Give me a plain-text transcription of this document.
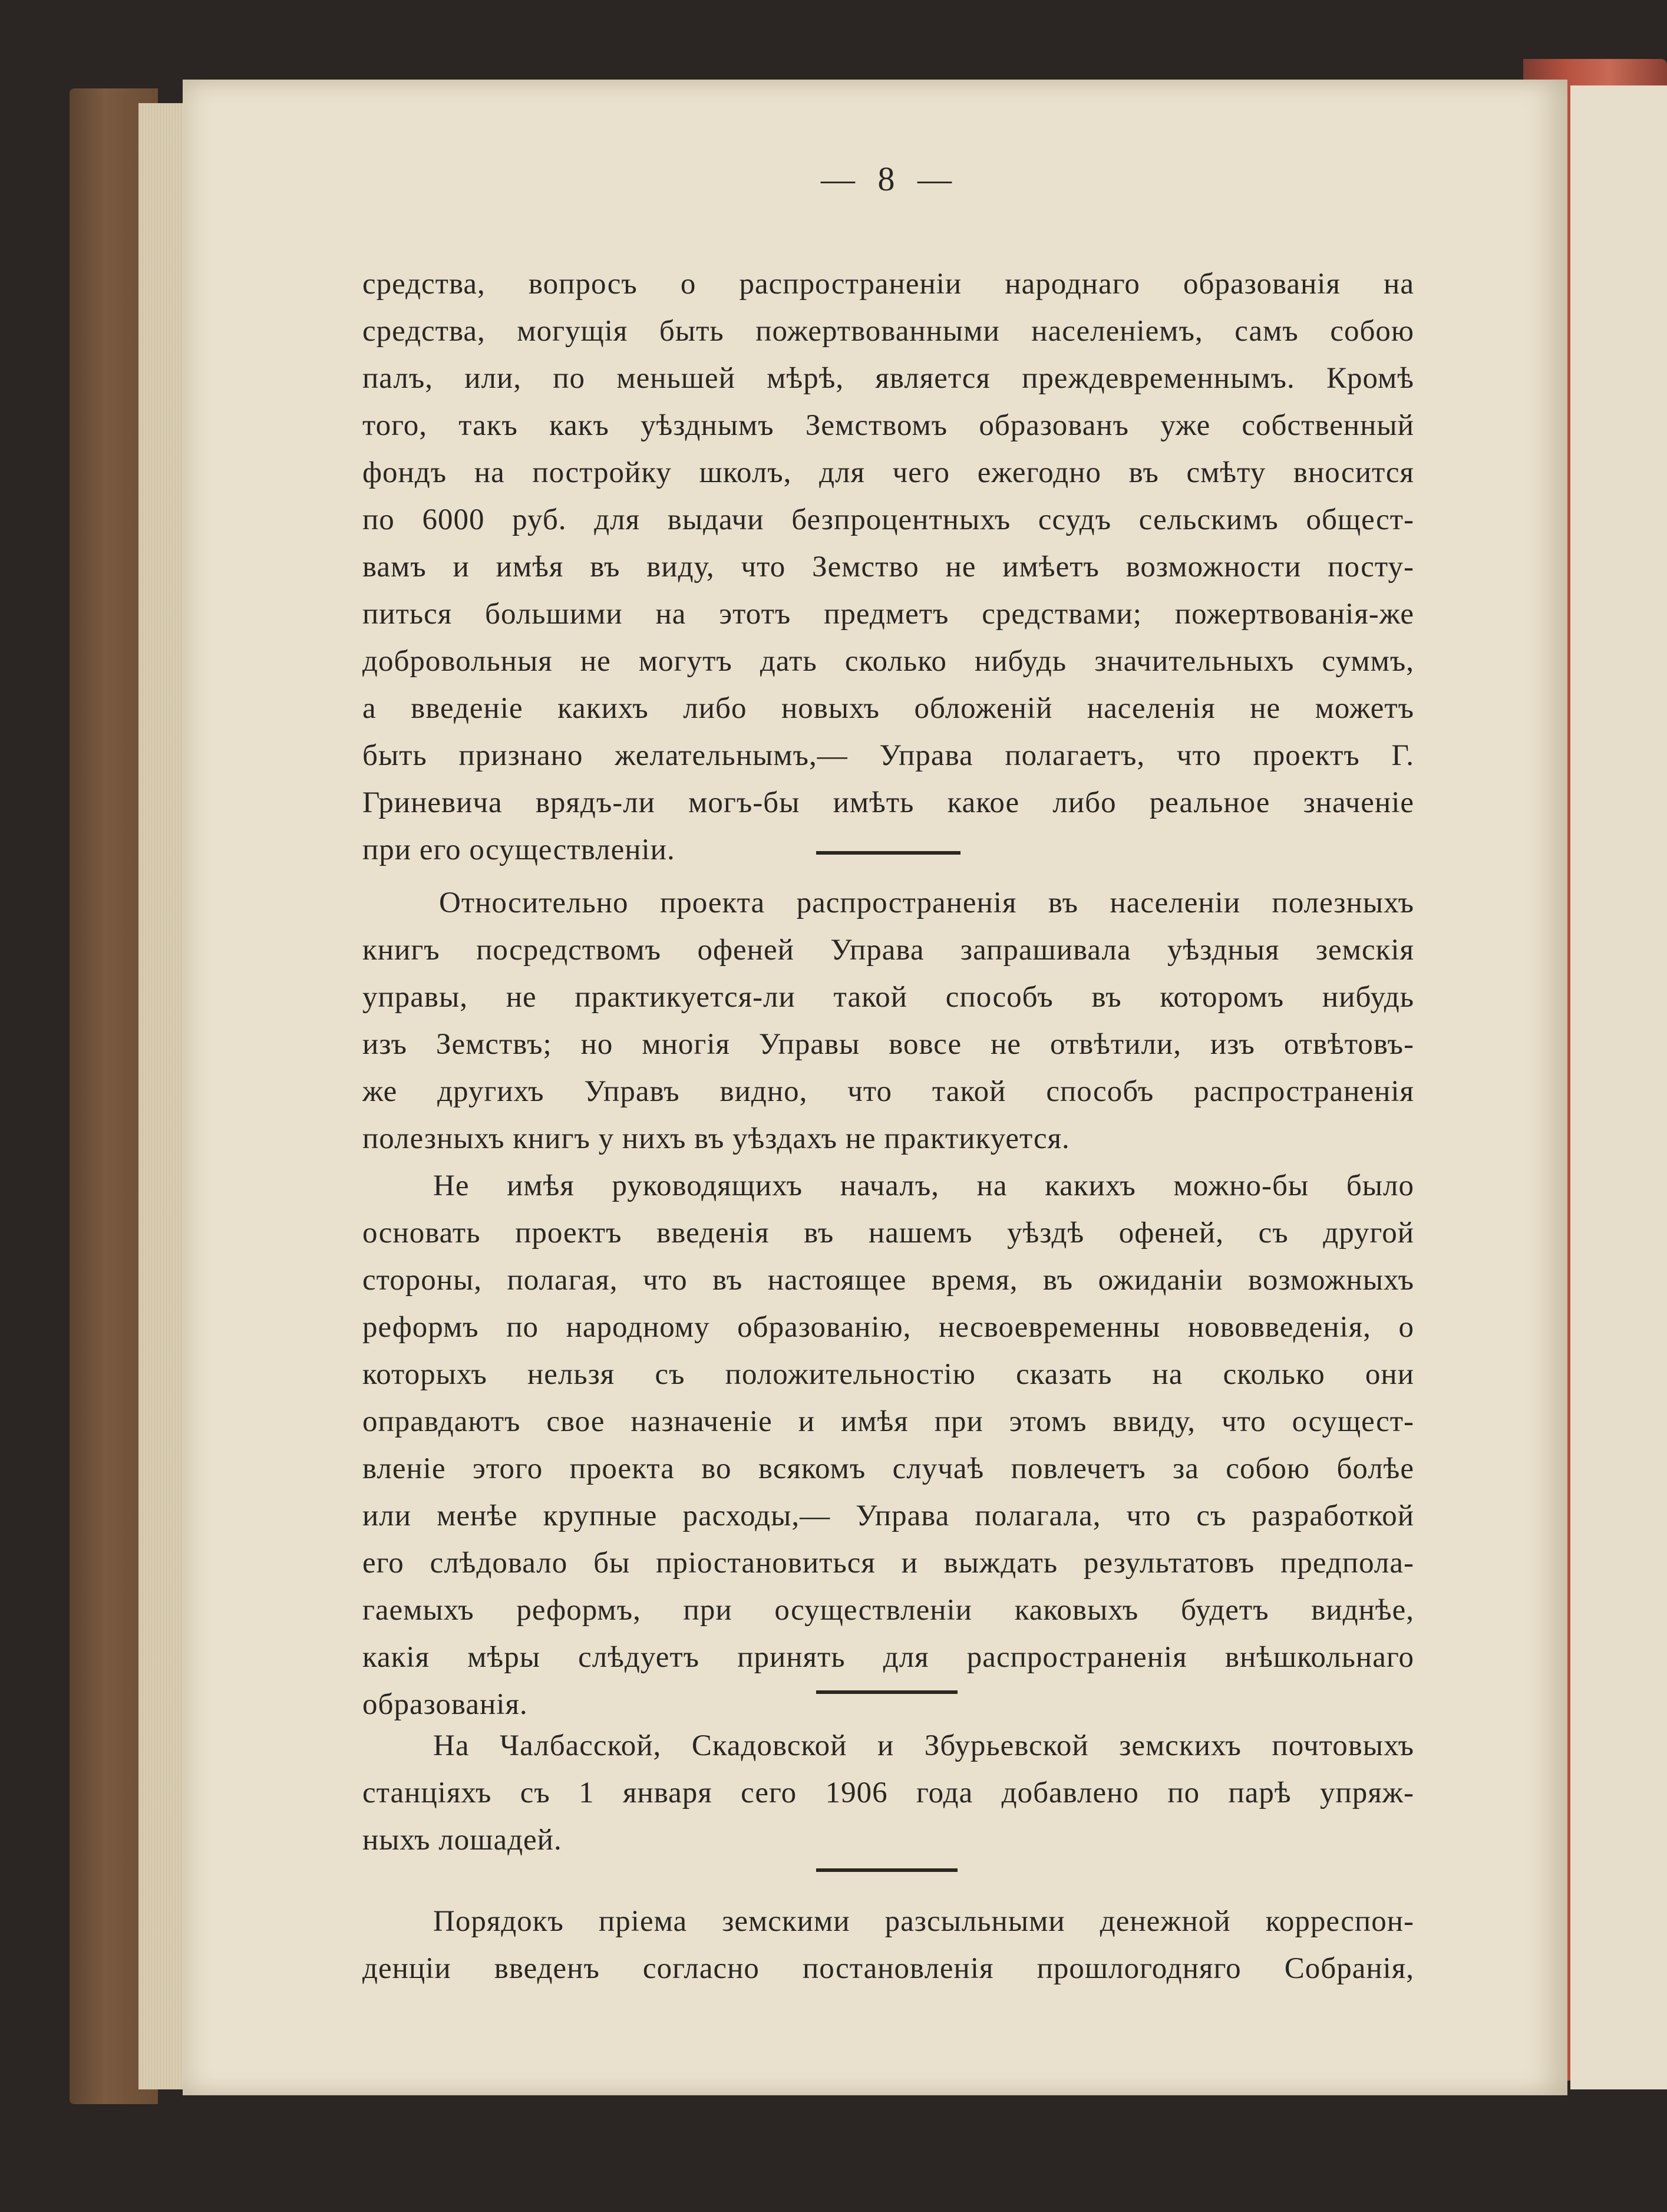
— 8 —
средства, вопросъ о распространенiи народнаго образованiя на
средства, могущiя быть пожертвованными населенiемъ, самъ собою
палъ, или, по меньшей мѣрѣ, является преждевременнымъ. Кромѣ
того, такъ какъ уѣзднымъ Земствомъ образованъ уже собственный
фондъ на постройку школъ, для чего ежегодно въ смѣту вносится
по 6000 руб. для выдачи безпроцентныхъ ссудъ сельскимъ общест-
вамъ и имѣя въ виду, что Земство не имѣетъ возможности посту-
питься большими на этотъ предметъ средствами; пожертвованiя-же
добровольныя не могутъ дать сколько нибудь значительныхъ суммъ,
а введенiе какихъ либо новыхъ обложенiй населенiя не можетъ
быть признано желательнымъ,— Управа полагаетъ, что проектъ Г.
Гриневича врядъ-ли могъ-бы имѣть какое либо реальное значенiе
при его осуществленiи.
Относительно проекта распространенiя въ населенiи полезныхъ
книгъ посредствомъ офеней Управа запрашивала уѣздныя земскiя
управы, не практикуется-ли такой способъ въ которомъ нибудь
изъ Земствъ; но многiя Управы вовсе не отвѣтили, изъ отвѣтовъ-
же другихъ Управъ видно, что такой способъ распространенiя
полезныхъ книгъ у нихъ въ уѣздахъ не практикуется.
Не имѣя руководящихъ началъ, на какихъ можно-бы было
основать проектъ введенiя въ нашемъ уѣздѣ офеней, съ другой
стороны, полагая, что въ настоящее время, въ ожиданiи возможныхъ
реформъ по народному образованiю, несвоевременны нововведенiя, о
которыхъ нельзя съ положительностiю сказать на сколько они
оправдаютъ свое назначенiе и имѣя при этомъ ввиду, что осущест-
вленiе этого проекта во всякомъ случаѣ повлечетъ за собою болѣе
или менѣе крупные расходы,— Управа полагала, что съ разработкой
его слѣдовало бы прiостановиться и выждать результатовъ предпола-
гаемыхъ реформъ, при осуществленiи каковыхъ будетъ виднѣе,
какiя мѣры слѣдуетъ принять для распространенiя внѣшкольнаго
образованiя.
На Чалбасской, Скадовской и Збурьевской земскихъ почтовыхъ
станцiяхъ съ 1 января сего 1906 года добавлено по парѣ упряж-
ныхъ лошадей.
Порядокъ прiема земскими разсыльными денежной корреспон-
денцiи введенъ согласно постановленiя прошлогодняго Собранiя,
